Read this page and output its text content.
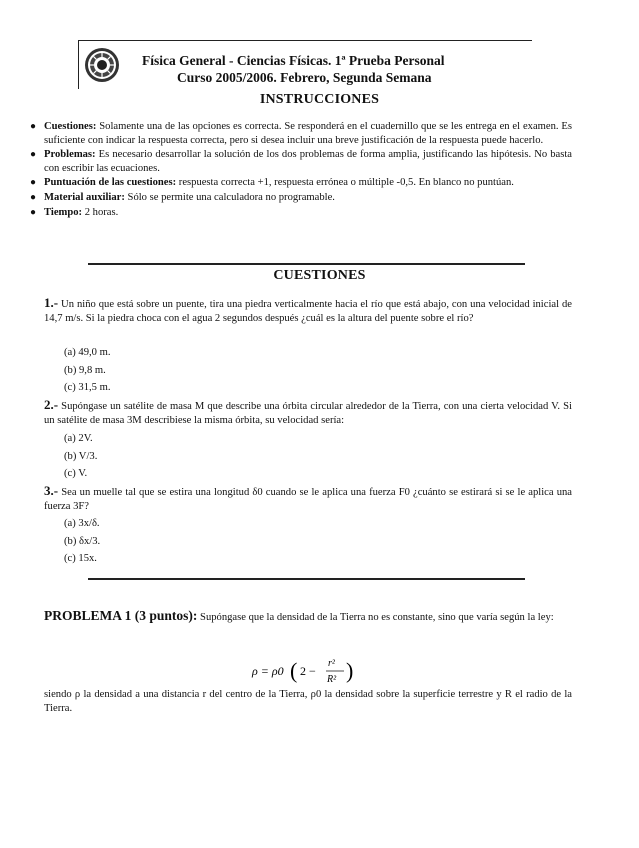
Física General - Ciencias Físicas. 1ª Prueba Personal
Curso 2005/2006. Febrero, Segunda Semana
INSTRUCCIONES
● Cuestiones: Solamente una de las opciones es correcta. Se responderá en el cuadernillo que se les entrega en el examen. Es suficiente con indicar la respuesta correcta, pero si desea incluir una breve justificación de la respuesta puede hacerlo.
● Problemas: Es necesario desarrollar la solución de los dos problemas de forma amplia, justificando las hipótesis. No basta con escribir las ecuaciones.
● Puntuación de las cuestiones: respuesta correcta +1, respuesta errónea o múltiple -0,5. En blanco no puntúan.
● Material auxiliar: Sólo se permite una calculadora no programable.
● Tiempo: 2 horas.
CUESTIONES
1.- Un niño que está sobre un puente, tira una piedra verticalmente hacia el río que está abajo, con una velocidad inicial de 14,7 m/s. Si la piedra choca con el agua 2 segundos después ¿cuál es la altura del puente sobre el río?
(a) 49,0 m.
(b) 9,8 m.
(c) 31,5 m.
2.- Supóngase un satélite de masa M que describe una órbita circular alrededor de la Tierra, con una cierta velocidad V. Si un satélite de masa 3M describiese la misma órbita, su velocidad sería:
(a) 2V.
(b) V/3.
(c) V.
3.- Sea un muelle tal que se estira una longitud δ0 cuando se le aplica una fuerza F0 ¿cuánto se estirará si se le aplica una fuerza 3F?
(a) 3x/δ.
(b) δx/3.
(c) 15x.
PROBLEMA 1 (3 puntos): Supóngase que la densidad de la Tierra no es constante, sino que varía según la ley:
ρ = ρ0 ( 2 −
r²
R² )
siendo ρ la densidad a una distancia r del centro de la Tierra, ρ0 la densidad sobre la superficie terrestre y R el radio de la Tierra.
